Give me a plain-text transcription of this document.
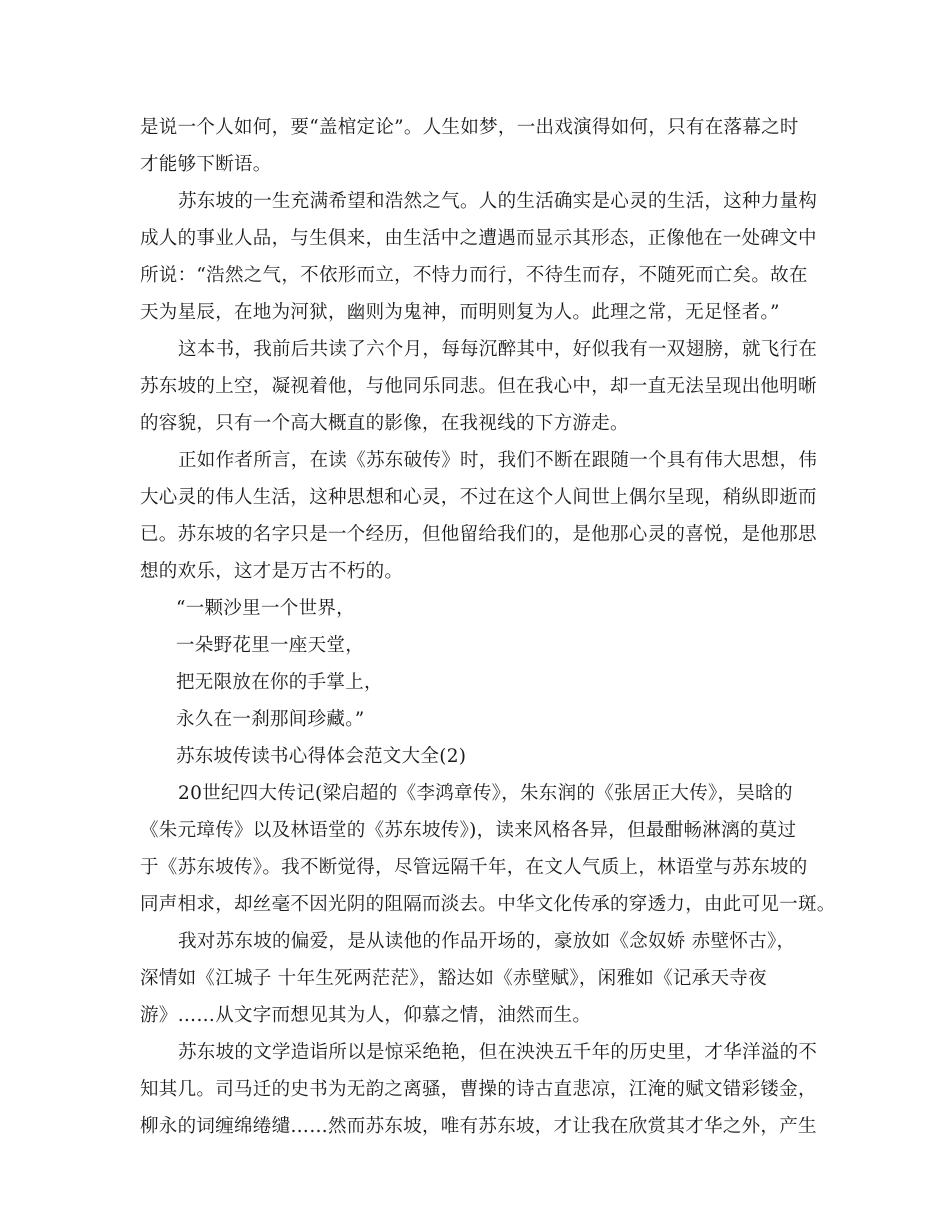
是说一个人如何，要“盖棺定论”。人生如梦，一出戏演得如何，只有在落幕之时
才能够下断语。
苏东坡的一生充满希望和浩然之气。人的生活确实是心灵的生活，这种力量构
成人的事业人品，与生俱来，由生活中之遭遇而显示其形态，正像他在一处碑文中
所说：“浩然之气，不依形而立，不恃力而行，不待生而存，不随死而亡矣。故在
天为星辰，在地为河狱，幽则为鬼神，而明则复为人。此理之常，无足怪者。”
这本书，我前后共读了六个月，每每沉醉其中，好似我有一双翅膀，就飞行在
苏东坡的上空，凝视着他，与他同乐同悲。但在我心中，却一直无法呈现出他明晰
的容貌，只有一个高大概直的影像，在我视线的下方游走。
正如作者所言，在读《苏东破传》时，我们不断在跟随一个具有伟大思想，伟
大心灵的伟人生活，这种思想和心灵，不过在这个人间世上偶尔呈现，稍纵即逝而
已。苏东坡的名字只是一个经历，但他留给我们的，是他那心灵的喜悦，是他那思
想的欢乐，这才是万古不朽的。
“一颗沙里一个世界，
一朵野花里一座天堂，
把无限放在你的手掌上，
永久在一刹那间珍藏。”
苏东坡传读书心得体会范文大全(2)
20世纪四大传记(梁启超的《李鸿章传》，朱东润的《张居正大传》，吴晗的
《朱元璋传》以及林语堂的《苏东坡传》)，读来风格各异，但最酣畅淋漓的莫过
于《苏东坡传》。我不断觉得，尽管远隔千年，在文人气质上，林语堂与苏东坡的
同声相求，却丝毫不因光阴的阻隔而淡去。中华文化传承的穿透力，由此可见一斑。
我对苏东坡的偏爱，是从读他的作品开场的，豪放如《念奴娇 赤壁怀古》，
深情如《江城子 十年生死两茫茫》，豁达如《赤壁赋》，闲雅如《记承天寺夜
游》……从文字而想见其为人，仰慕之情，油然而生。
苏东坡的文学造诣所以是惊采绝艳，但在泱泱五千年的历史里，才华洋溢的不
知其几。司马迁的史书为无韵之离骚，曹操的诗古直悲凉，江淹的赋文错彩镂金，
柳永的词缠绵绻缱……然而苏东坡，唯有苏东坡，才让我在欣赏其才华之外，产生
